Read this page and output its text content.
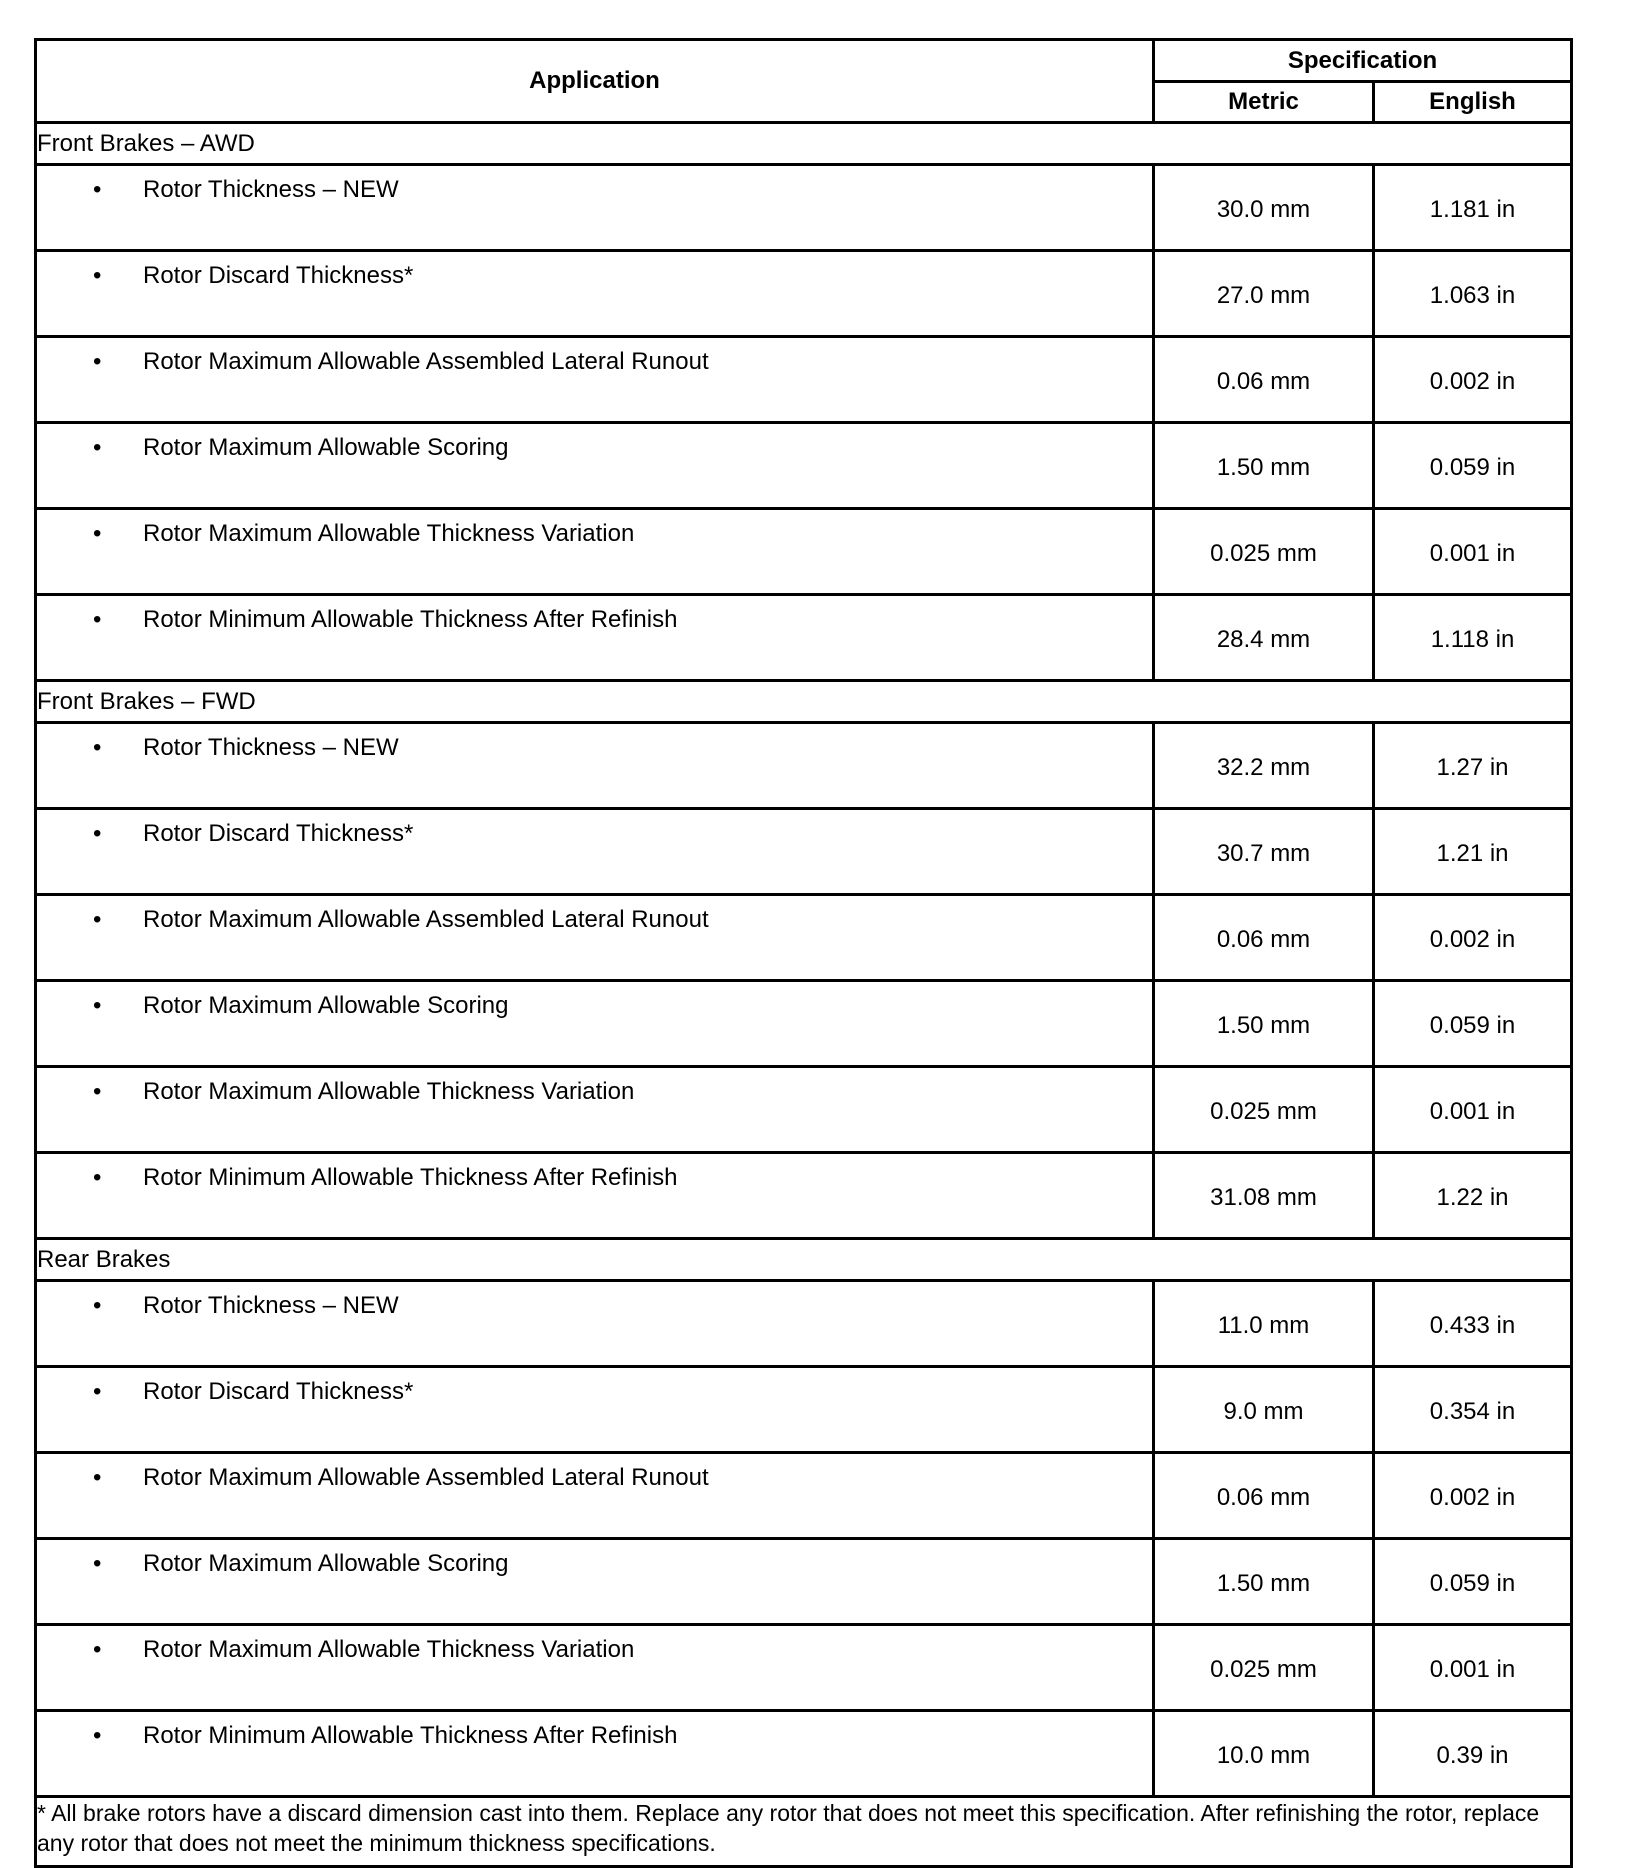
Application	Specification	
	Metric	English
Front Brakes – AWD		

• Rotor Thickness – NEW	30.0 mm	1.181 in

• Rotor Discard Thickness*	27.0 mm	1.063 in

• Rotor Maximum Allowable Assembled Lateral Runout	0.06 mm	0.002 in

• Rotor Maximum Allowable Scoring	1.50 mm	0.059 in

• Rotor Maximum Allowable Thickness Variation	0.025 mm	0.001 in

• Rotor Minimum Allowable Thickness After Refinish	28.4 mm	1.118 in
Front Brakes – FWD		

• Rotor Thickness – NEW	32.2 mm	1.27 in

• Rotor Discard Thickness*	30.7 mm	1.21 in

• Rotor Maximum Allowable Assembled Lateral Runout	0.06 mm	0.002 in

• Rotor Maximum Allowable Scoring	1.50 mm	0.059 in

• Rotor Maximum Allowable Thickness Variation	0.025 mm	0.001 in

• Rotor Minimum Allowable Thickness After Refinish	31.08 mm	1.22 in
Rear Brakes		

• Rotor Thickness – NEW	11.0 mm	0.433 in

• Rotor Discard Thickness*	9.0 mm	0.354 in

• Rotor Maximum Allowable Assembled Lateral Runout	0.06 mm	0.002 in

• Rotor Maximum Allowable Scoring	1.50 mm	0.059 in

• Rotor Maximum Allowable Thickness Variation	0.025 mm	0.001 in

• Rotor Minimum Allowable Thickness After Refinish	10.0 mm	0.39 in
* All brake rotors have a discard dimension cast into them. Replace any rotor that does not meet this specification. After refinishing the rotor, replace any rotor that does not meet the minimum thickness specifications.		
